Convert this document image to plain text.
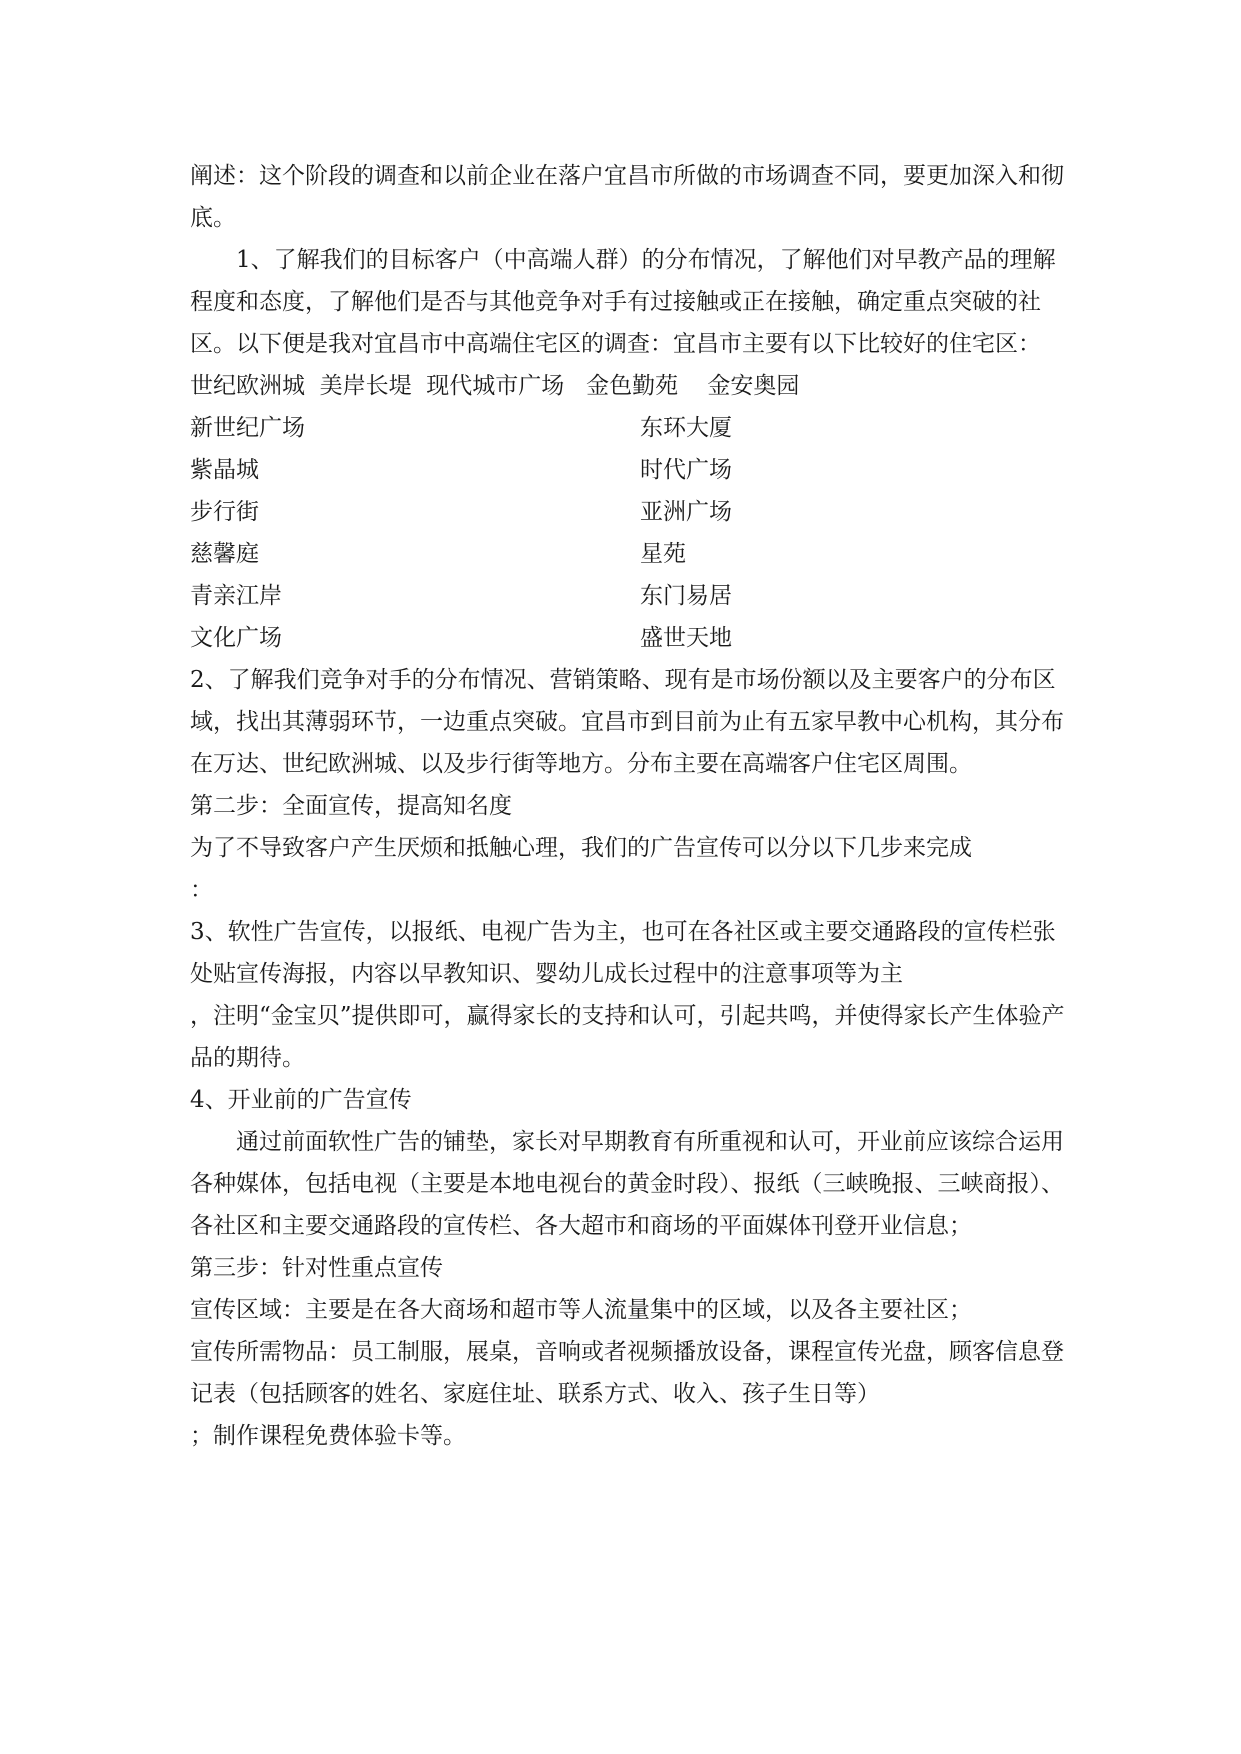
阐述：这个阶段的调查和以前企业在落户宜昌市所做的市场调查不同，要更加深入和彻底。

1、了解我们的目标客户（中高端人群）的分布情况，了解他们对早教产品的理解程度和态度，了解他们是否与其他竞争对手有过接触或正在接触，确定重点突破的社区。以下便是我对宜昌市中高端住宅区的调查：宜昌市主要有以下比较好的住宅区：

世纪欧洲城  美岸长堤  现代城市广场   金色勤苑    金安奥园

新世纪广场	东环大厦
紫晶城	时代广场
步行街	亚洲广场
慈馨庭	星苑
青亲江岸	东门易居
文化广场	盛世天地

2、了解我们竞争对手的分布情况、营销策略、现有是市场份额以及主要客户的分布区域，找出其薄弱环节，一边重点突破。宜昌市到目前为止有五家早教中心机构，其分布在万达、世纪欧洲城、以及步行街等地方。分布主要在高端客户住宅区周围。

第二步：全面宣传，提高知名度

为了不导致客户产生厌烦和抵触心理，我们的广告宣传可以分以下几步来完成

：

3、软性广告宣传，以报纸、电视广告为主，也可在各社区或主要交通路段的宣传栏张处贴宣传海报，内容以早教知识、婴幼儿成长过程中的注意事项等为主

，注明“金宝贝”提供即可，赢得家长的支持和认可，引起共鸣，并使得家长产生体验产品的期待。

4、开业前的广告宣传

通过前面软性广告的铺垫，家长对早期教育有所重视和认可，开业前应该综合运用各种媒体，包括电视（主要是本地电视台的黄金时段）、报纸（三峡晚报、三峡商报）、各社区和主要交通路段的宣传栏、各大超市和商场的平面媒体刊登开业信息；

第三步：针对性重点宣传

宣传区域：主要是在各大商场和超市等人流量集中的区域，以及各主要社区；

宣传所需物品：员工制服，展桌，音响或者视频播放设备，课程宣传光盘，顾客信息登记表（包括顾客的姓名、家庭住址、联系方式、收入、孩子生日等）

；制作课程免费体验卡等。
